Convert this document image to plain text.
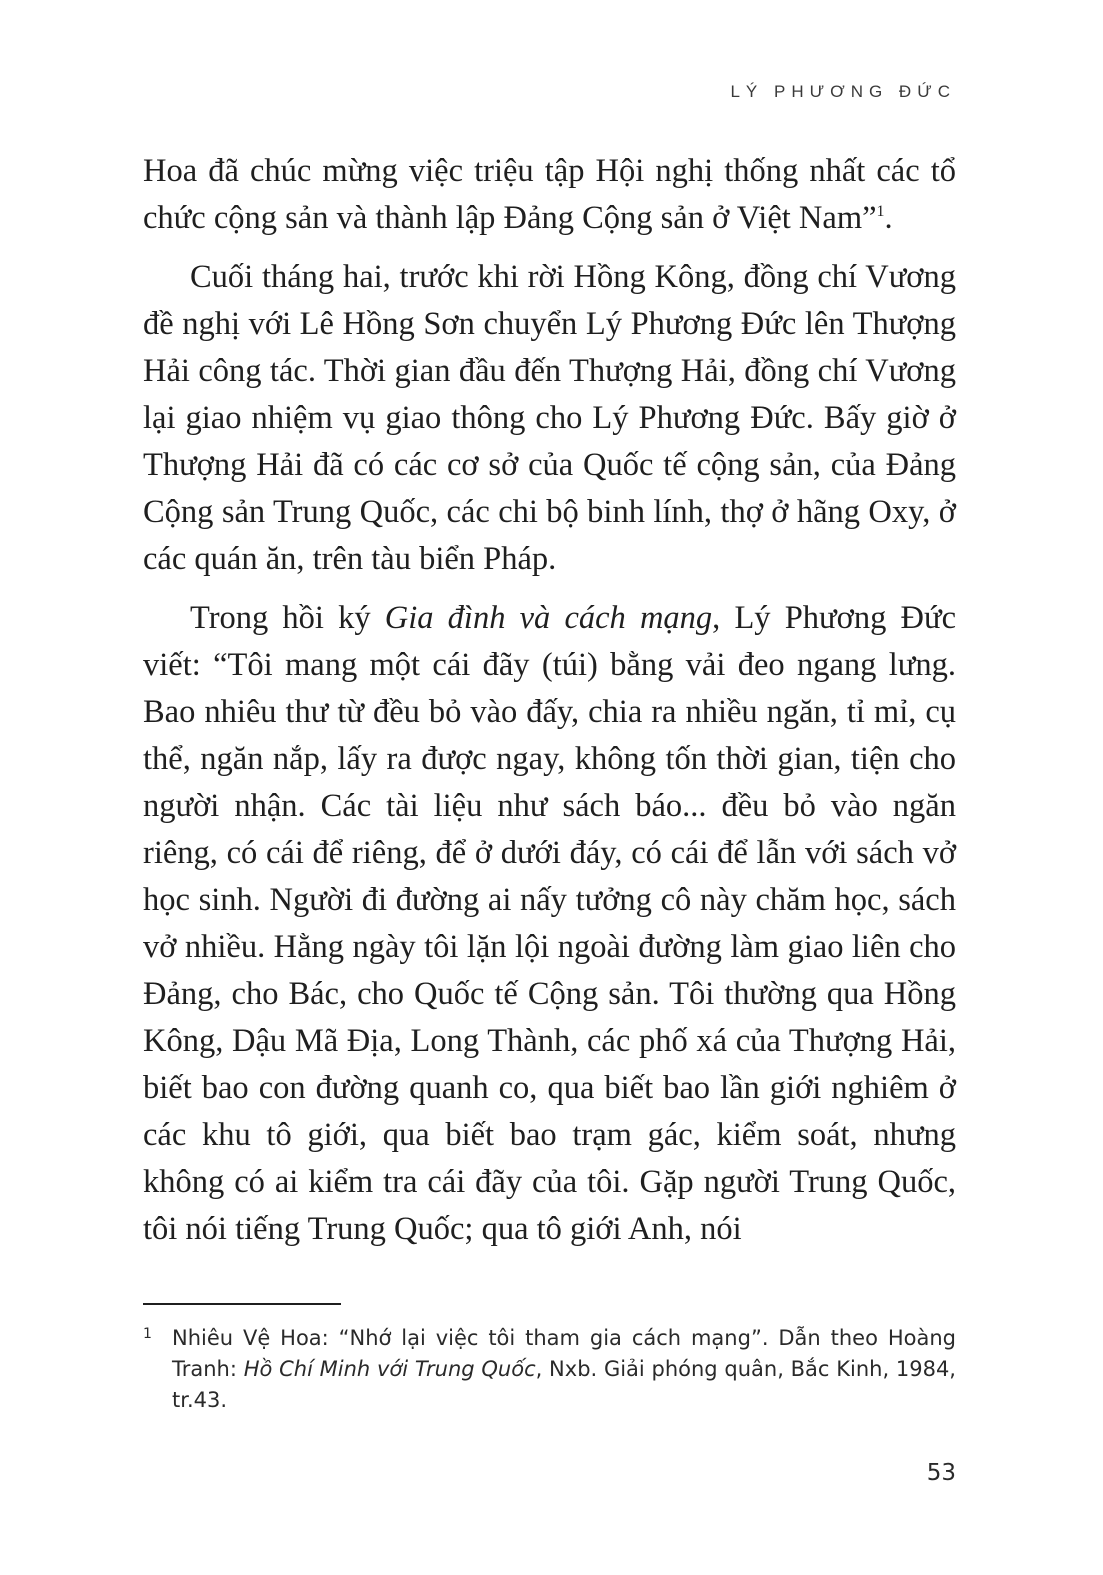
LÝ PHƯƠNG ĐỨC

Hoa đã chúc mừng việc triệu tập Hội nghị thống nhất các tổ chức cộng sản và thành lập Đảng Cộng sản ở Việt Nam”$^1$.

Cuối tháng hai, trước khi rời Hồng Kông, đồng chí Vương đề nghị với Lê Hồng Sơn chuyển Lý Phương Đức lên Thượng Hải công tác. Thời gian đầu đến Thượng Hải, đồng chí Vương lại giao nhiệm vụ giao thông cho Lý Phương Đức. Bấy giờ ở Thượng Hải đã có các cơ sở của Quốc tế cộng sản, của Đảng Cộng sản Trung Quốc, các chi bộ binh lính, thợ ở hãng Oxy, ở các quán ăn, trên tàu biển Pháp.

Trong hồi ký Gia đình và cách mạng, Lý Phương Đức viết: “Tôi mang một cái đãy (túi) bằng vải đeo ngang lưng. Bao nhiêu thư từ đều bỏ vào đấy, chia ra nhiều ngăn, tỉ mỉ, cụ thể, ngăn nắp, lấy ra được ngay, không tốn thời gian, tiện cho người nhận. Các tài liệu như sách báo... đều bỏ vào ngăn riêng, có cái để riêng, để ở dưới đáy, có cái để lẫn với sách vở học sinh. Người đi đường ai nấy tưởng cô này chăm học, sách vở nhiều. Hằng ngày tôi lặn lội ngoài đường làm giao liên cho Đảng, cho Bác, cho Quốc tế Cộng sản. Tôi thường qua Hồng Kông, Dậu Mã Địa, Long Thành, các phố xá của Thượng Hải, biết bao con đường quanh co, qua biết bao lần giới nghiêm ở các khu tô giới, qua biết bao trạm gác, kiểm soát, nhưng không có ai kiểm tra cái đãy của tôi. Gặp người Trung Quốc, tôi nói tiếng Trung Quốc; qua tô giới Anh, nói

1 Nhiêu Vệ Hoa: “Nhớ lại việc tôi tham gia cách mạng”. Dẫn theo Hoàng Tranh: Hồ Chí Minh với Trung Quốc, Nxb. Giải phóng quân, Bắc Kinh, 1984, tr.43.
53
